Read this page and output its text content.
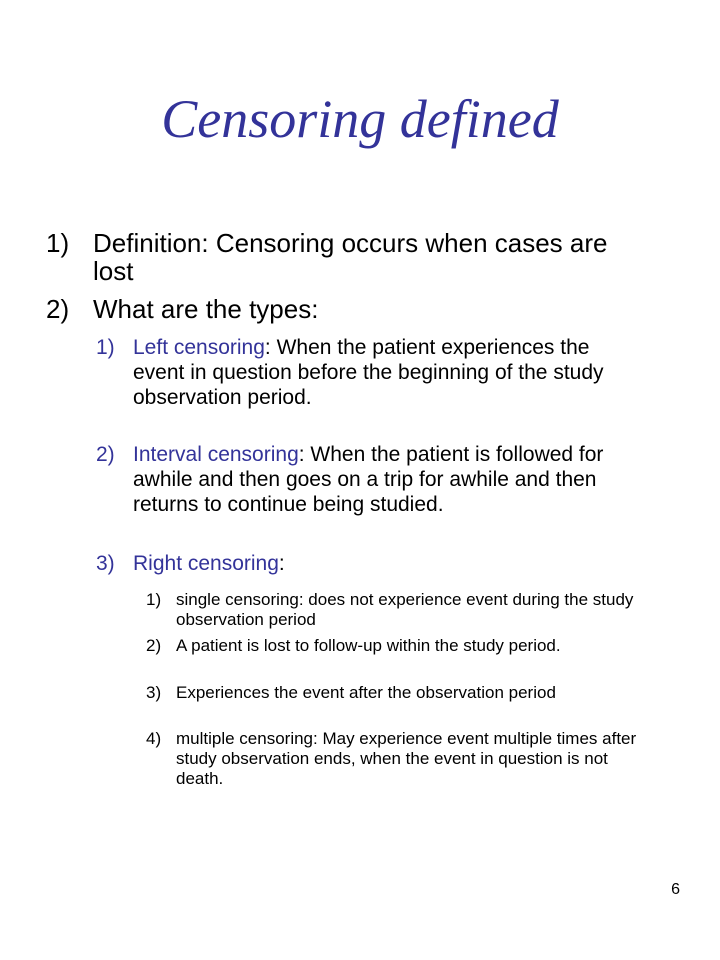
Censoring defined
1) Definition: Censoring occurs when cases are lost
2) What are the types:
1) Left censoring: When the patient experiences the event in question before the beginning of the study observation period.
2) Interval censoring: When the patient is followed for awhile and then goes on a trip for awhile and then returns to continue being studied.
3) Right censoring:
1) single censoring: does not experience event during the study observation period
2) A patient is lost to follow-up within the study period.
3) Experiences the event after the observation period
4) multiple censoring: May experience event multiple times after study observation ends, when the event in question is not death.
6
